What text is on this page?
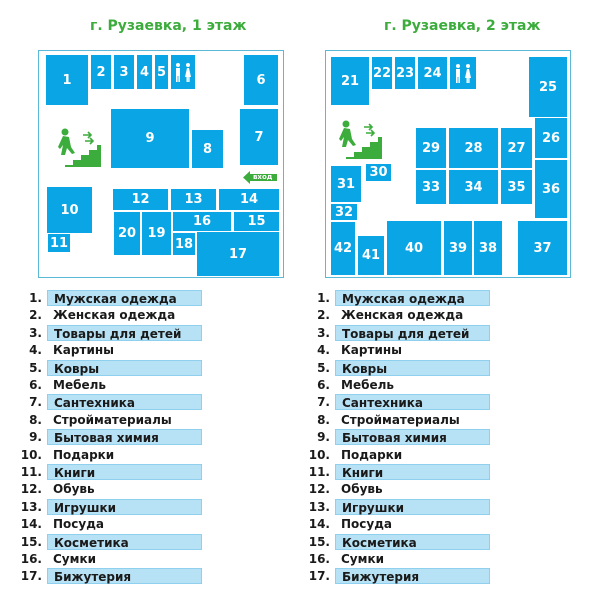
г. Рузаевка, 1 этаж
1
2	3 4 5
6
7
8
9
10
11
12	13	14
15
16
17
18
19
20
вход
г. Рузаевка, 2 этаж
21
22 23 24
25
26
27
28
29
30
31
32
33	34	35	36
37
38
39
40
41
42
1.	Мужская одежда
2. Женская одежда
3.	Товары для детей
4. Картины
5.	Ковры
6. Мебель
7.	Сантехника
8. Стройматериалы
9.	Бытовая химия
10. Подарки
11.	Книги
12. Обувь
13.	Игрушки
14. Посуда
15.	Косметика
16. Сумки
17.	Бижутерия
1.	Мужская одежда
2. Женская одежда
3.	Товары для детей
4. Картины
5.	Ковры
6. Мебель
7.	Сантехника
8. Стройматериалы
9.	Бытовая химия
10. Подарки
11.	Книги
12. Обувь
13.	Игрушки
14. Посуда
15.	Косметика
16. Сумки
17.	Бижутерия
